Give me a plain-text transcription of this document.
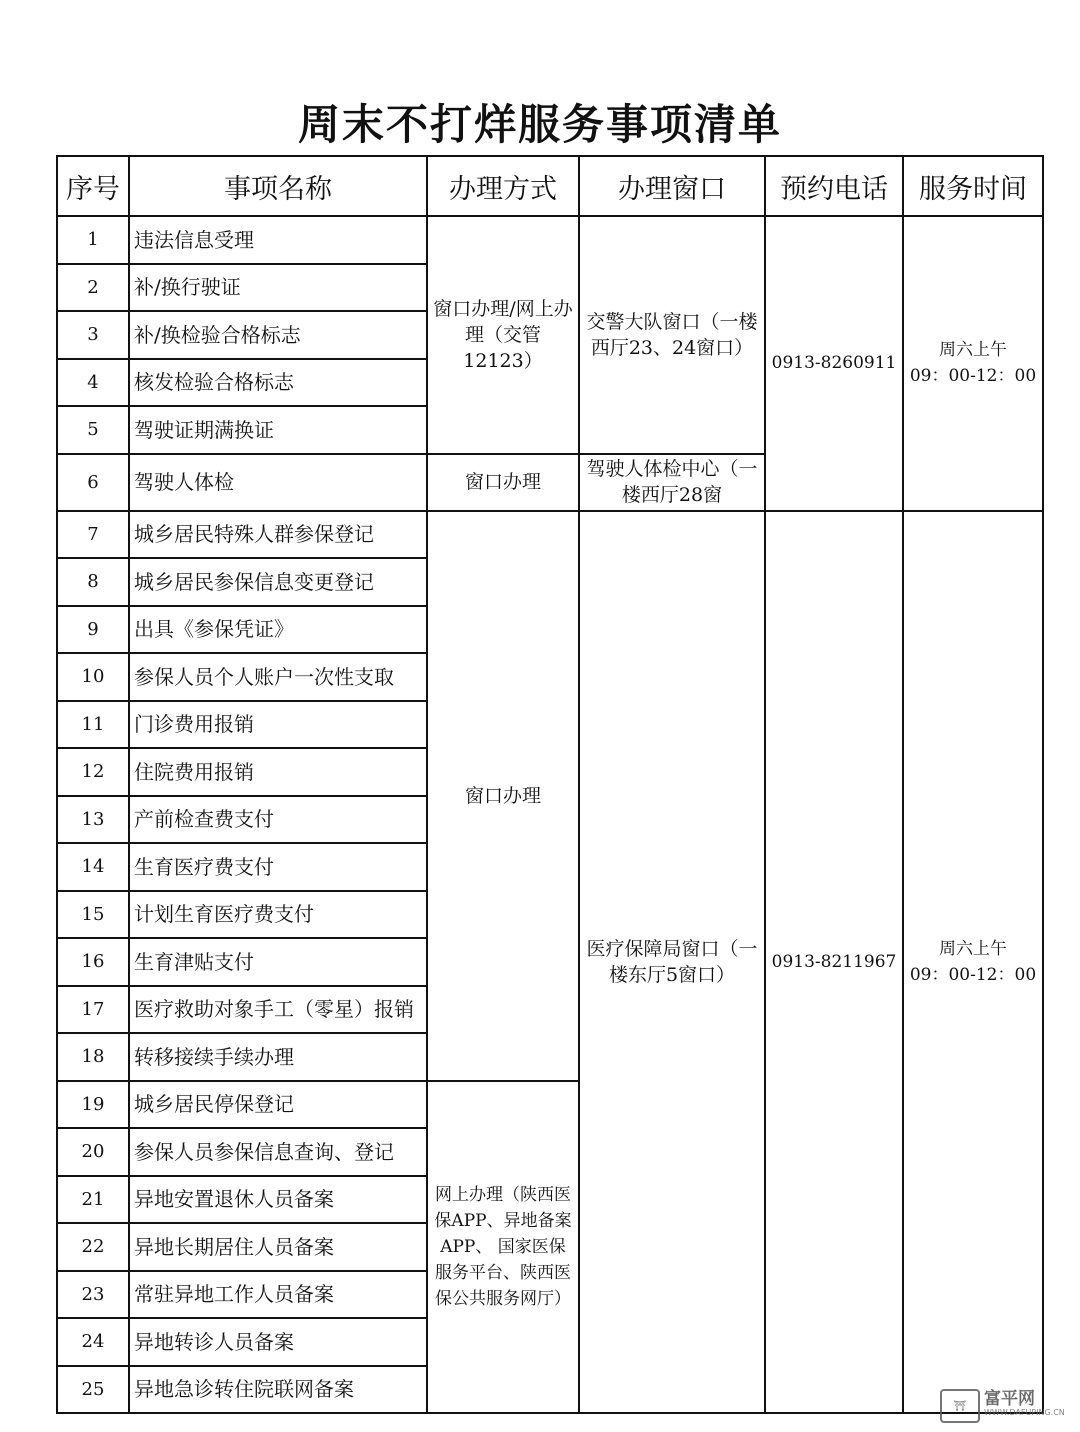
周末不打烊服务事项清单
序号	事项名称	办理方式	办理窗口	预约电话	服务时间
1	违法信息受理	窗口办理/网上办理（交管12123）	交警大队窗口（一楼西厅23、24窗口）	0913-8260911	周六上午
09：00-12：00

2	补/换行驶证				
3	补/换检验合格标志				
4	核发检验合格标志				
5	驾驶证期满换证				
6	驾驶人体检	窗口办理	驾驶人体检中心（一楼西厅28窗		
7	城乡居民特殊人群参保登记	窗口办理	医疗保障局窗口（一楼东厅5窗口）	0913-8211967	周六上午
09：00-12：00

8	城乡居民参保信息变更登记				
9	出具《参保凭证》				
10	参保人员个人账户一次性支取				
11	门诊费用报销				
12	住院费用报销				
13	产前检查费支付				
14	生育医疗费支付				
15	计划生育医疗费支付				
16	生育津贴支付				
17	医疗救助对象手工（零星）报销				
18	转移接续手续办理				
19	城乡居民停保登记	网上办理（陕西医保APP、异地备案APP、 国家医保服务平台、陕西医保公共服务网厅）			
20	参保人员参保信息查询、登记				
21	异地安置退休人员备案				
22	异地长期居住人员备案				
23	常驻异地工作人员备案				
24	异地转诊人员备案				
25	异地急诊转住院联网备案				
⛩	富平网
WWW.DAFUPING.CN
